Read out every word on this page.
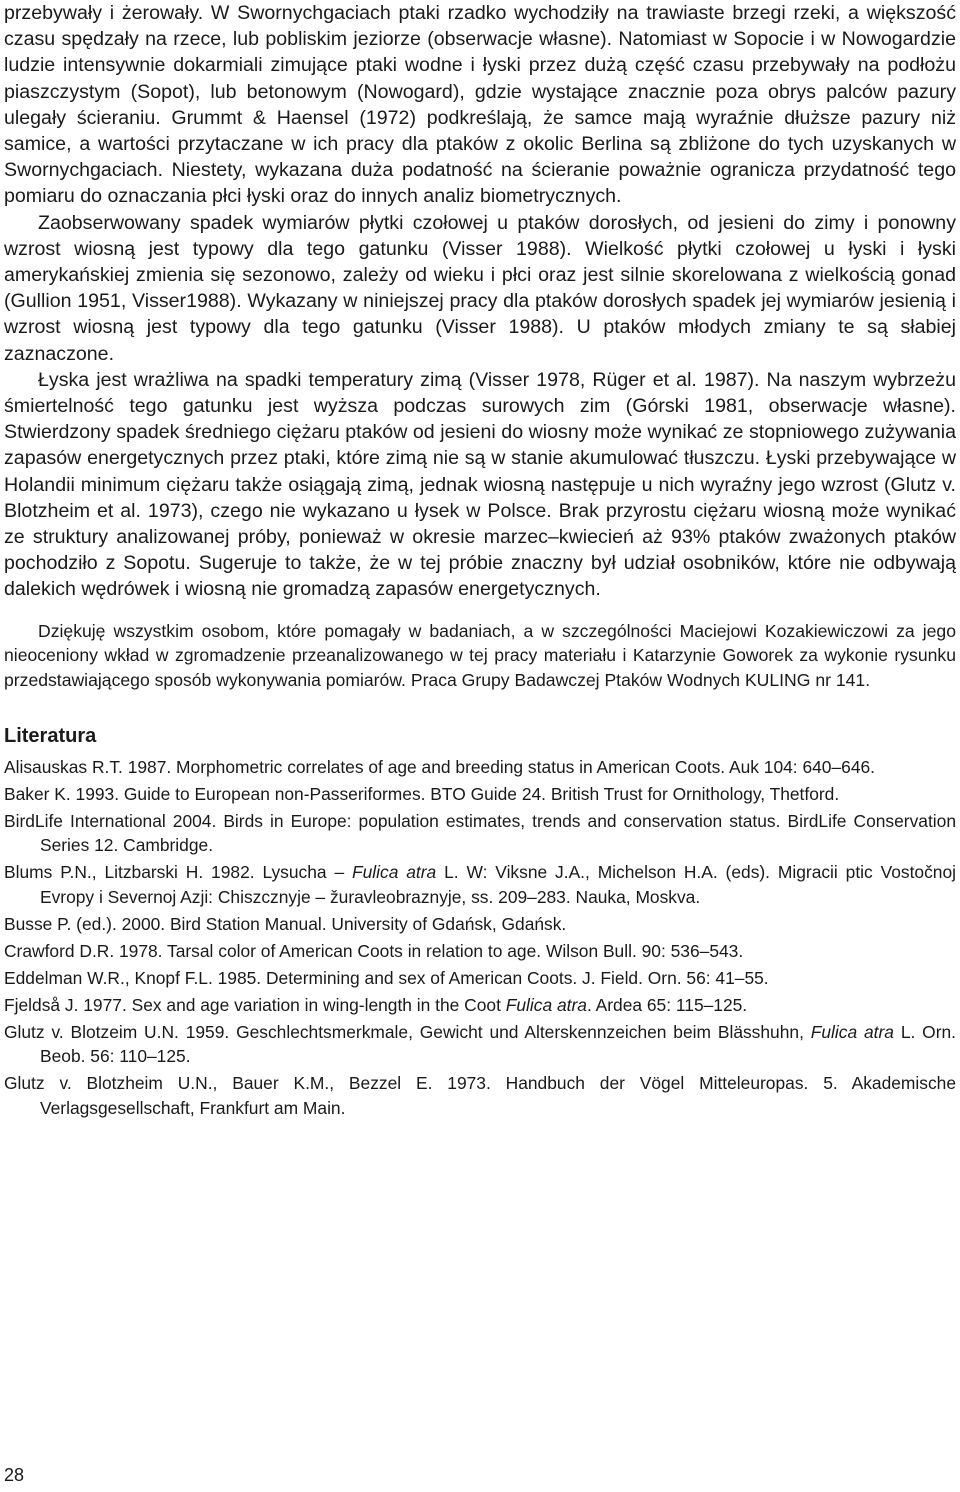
przebywały i żerowały. W Swornychgaciach ptaki rzadko wychodziły na trawiaste brzegi rzeki, a większość czasu spędzały na rzece, lub pobliskim jeziorze (obserwacje własne). Natomiast w Sopocie i w Nowogardzie ludzie intensywnie dokarmiali zimujące ptaki wodne i łyski przez dużą część czasu przebywały na podłożu piaszczystym (Sopot), lub betonowym (Nowogard), gdzie wystające znacznie poza obrys palców pazury ulegały ścieraniu. Grummt & Haensel (1972) podkreślają, że samce mają wyraźnie dłuższe pazury niż samice, a wartości przytaczane w ich pracy dla ptaków z okolic Berlina są zbliżone do tych uzyskanych w Swornychgaciach. Niestety, wykazana duża podatność na ścieranie poważnie ogranicza przydatność tego pomiaru do oznaczania płci łyski oraz do innych analiz biometrycznych.

Zaobserwowany spadek wymiarów płytki czołowej u ptaków dorosłych, od jesieni do zimy i ponowny wzrost wiosną jest typowy dla tego gatunku (Visser 1988). Wielkość płytki czołowej u łyski i łyski amerykańskiej zmienia się sezonowo, zależy od wieku i płci oraz jest silnie skorelowana z wielkością gonad (Gullion 1951, Visser1988). Wykazany w niniejszej pracy dla ptaków dorosłych spadek jej wymiarów jesienią i wzrost wiosną jest typowy dla tego gatunku (Visser 1988). U ptaków młodych zmiany te są słabiej zaznaczone.

Łyska jest wrażliwa na spadki temperatury zimą (Visser 1978, Rüger et al. 1987). Na naszym wybrzeżu śmiertelność tego gatunku jest wyższa podczas surowych zim (Górski 1981, obserwacje własne). Stwierdzony spadek średniego ciężaru ptaków od jesieni do wiosny może wynikać ze stopniowego zużywania zapasów energetycznych przez ptaki, które zimą nie są w stanie akumulować tłuszczu. Łyski przebywające w Holandii minimum ciężaru także osiągają zimą, jednak wiosną następuje u nich wyraźny jego wzrost (Glutz v. Blotzheim et al. 1973), czego nie wykazano u łysek w Polsce. Brak przyrostu ciężaru wiosną może wynikać ze struktury analizowanej próby, ponieważ w okresie marzec–kwiecień aż 93% ptaków zważonych ptaków pochodziło z Sopotu. Sugeruje to także, że w tej próbie znaczny był udział osobników, które nie odbywają dalekich wędrówek i wiosną nie gromadzą zapasów energetycznych.

Dziękuję wszystkim osobom, które pomagały w badaniach, a w szczególności Maciejowi Kozakiewiczowi za jego nieoceniony wkład w zgromadzenie przeanalizowanego w tej pracy materiału i Katarzynie Goworek za wykonie rysunku przedstawiającego sposób wykonywania pomiarów. Praca Grupy Badawczej Ptaków Wodnych KULING nr 141.

Literatura
Alisauskas R.T. 1987. Morphometric correlates of age and breeding status in American Coots. Auk 104: 640–646.
Baker K. 1993. Guide to European non-Passeriformes. BTO Guide 24. British Trust for Ornithology, Thetford.
BirdLife International 2004. Birds in Europe: population estimates, trends and conservation status. BirdLife Conservation Series 12. Cambridge.
Blums P.N., Litzbarski H. 1982. Lysucha – Fulica atra L. W: Viksne J.A., Michelson H.A. (eds). Migracii ptic Vostočnoj Evropy i Severnoj Azji: Chiszcznyje – žuravleobraznyje, ss. 209–283. Nauka, Moskva.
Busse P. (ed.). 2000. Bird Station Manual. University of Gdańsk, Gdańsk.
Crawford D.R. 1978. Tarsal color of American Coots in relation to age. Wilson Bull. 90: 536–543.
Eddelman W.R., Knopf F.L. 1985. Determining and sex of American Coots. J. Field. Orn. 56: 41–55.
Fjeldså J. 1977. Sex and age variation in wing-length in the Coot Fulica atra. Ardea 65: 115–125.
Glutz v. Blotzeim U.N. 1959. Geschlechtsmerkmale, Gewicht und Alterskennzeichen beim Blässhuhn, Fulica atra L. Orn. Beob. 56: 110–125.
Glutz v. Blotzheim U.N., Bauer K.M., Bezzel E. 1973. Handbuch der Vögel Mitteleuropas. 5. Akademische Verlagsgesellschaft, Frankfurt am Main.
28
